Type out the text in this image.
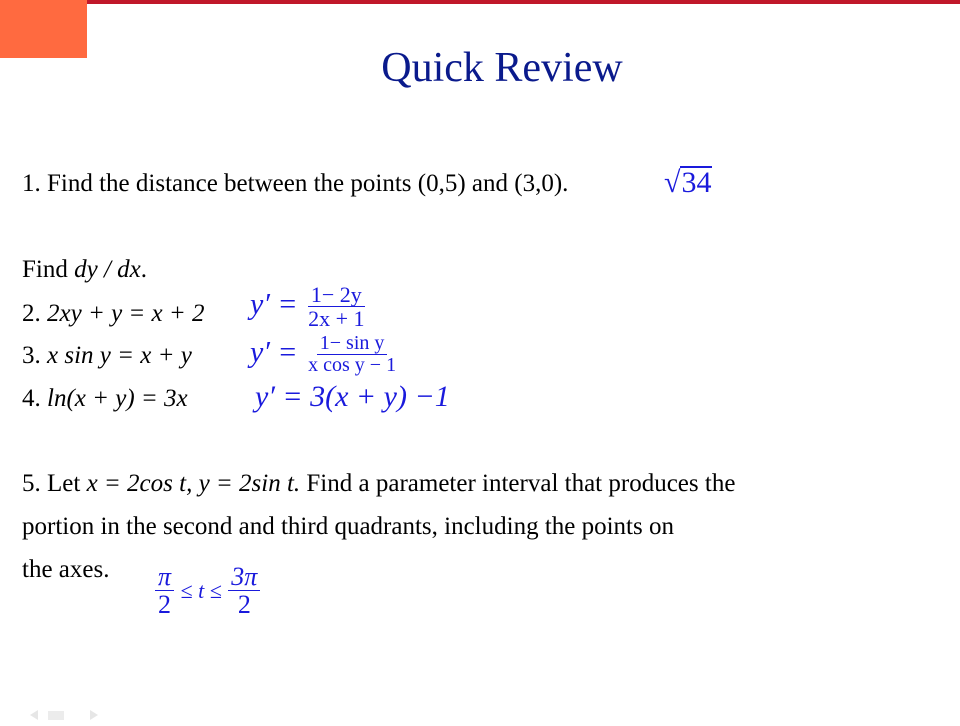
Quick Review
1. Find the distance between the points (0,5) and (3,0).	√ 34
Find dy / dx.
2. 2xy + y = x + 2 $y' = \frac{1- 2y}{2x + 1}$
3. x sin y = x + y $y' = \frac{\text{1− sin y}}{\text{x cos y − 1}}$
4. ln(x + y) = 3x y′ = 3(x + y) −1
5. Let x = 2cos t, y = 2sin t. Find a parameter interval that produces the
portion in the second and third quadrants, including the points on
the axes. $\frac{\pi}{2} \le t \le \frac{3\pi}{2}$
